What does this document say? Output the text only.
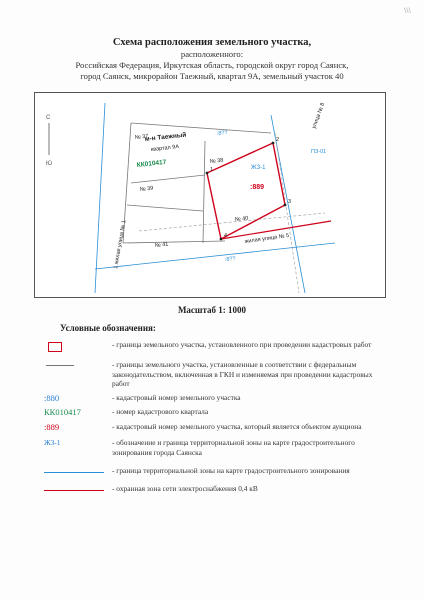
\\\
Схема расположения земельного участка,
расположенного:
Российская Федерация, Иркутская область, городской округ город Саянск,
город Саянск, микрорайон Таежный, квартал 9А, земельный участок 40
С
Ю
1
2
3
4
м-н Таежный
квартал 9А
КК010417
№ 37
№ 38
№ 39
№ 40
№ 41
:8??
:889
ЖЗ-1
ПЗ-01
улица № 8
жилая улица № 5
1 жилая улица № 1	:8??
Масштаб 1: 1000
Условные обозначения:
- граница земельного участка, установленного при проведении кадастровых работ
- границы земельного участка, установленные в соответствии с федеральным законодательством, включенная в ГКН и изменяемая при проведении кадастровых работ
:880	- кадастровый номер земельного участка
КК010417	- номер кадастрового квартала
:889	- кадастровый номер земельного участка, который является объектом аукциона
ЖЗ-1	- обозначение и граница территориальной зоны на карте градостроительного зонирования города Саянска
- граница территориальной зоны на карте градостроительного зонирования
- охранная зона сети электроснабжения 0,4 кВ
